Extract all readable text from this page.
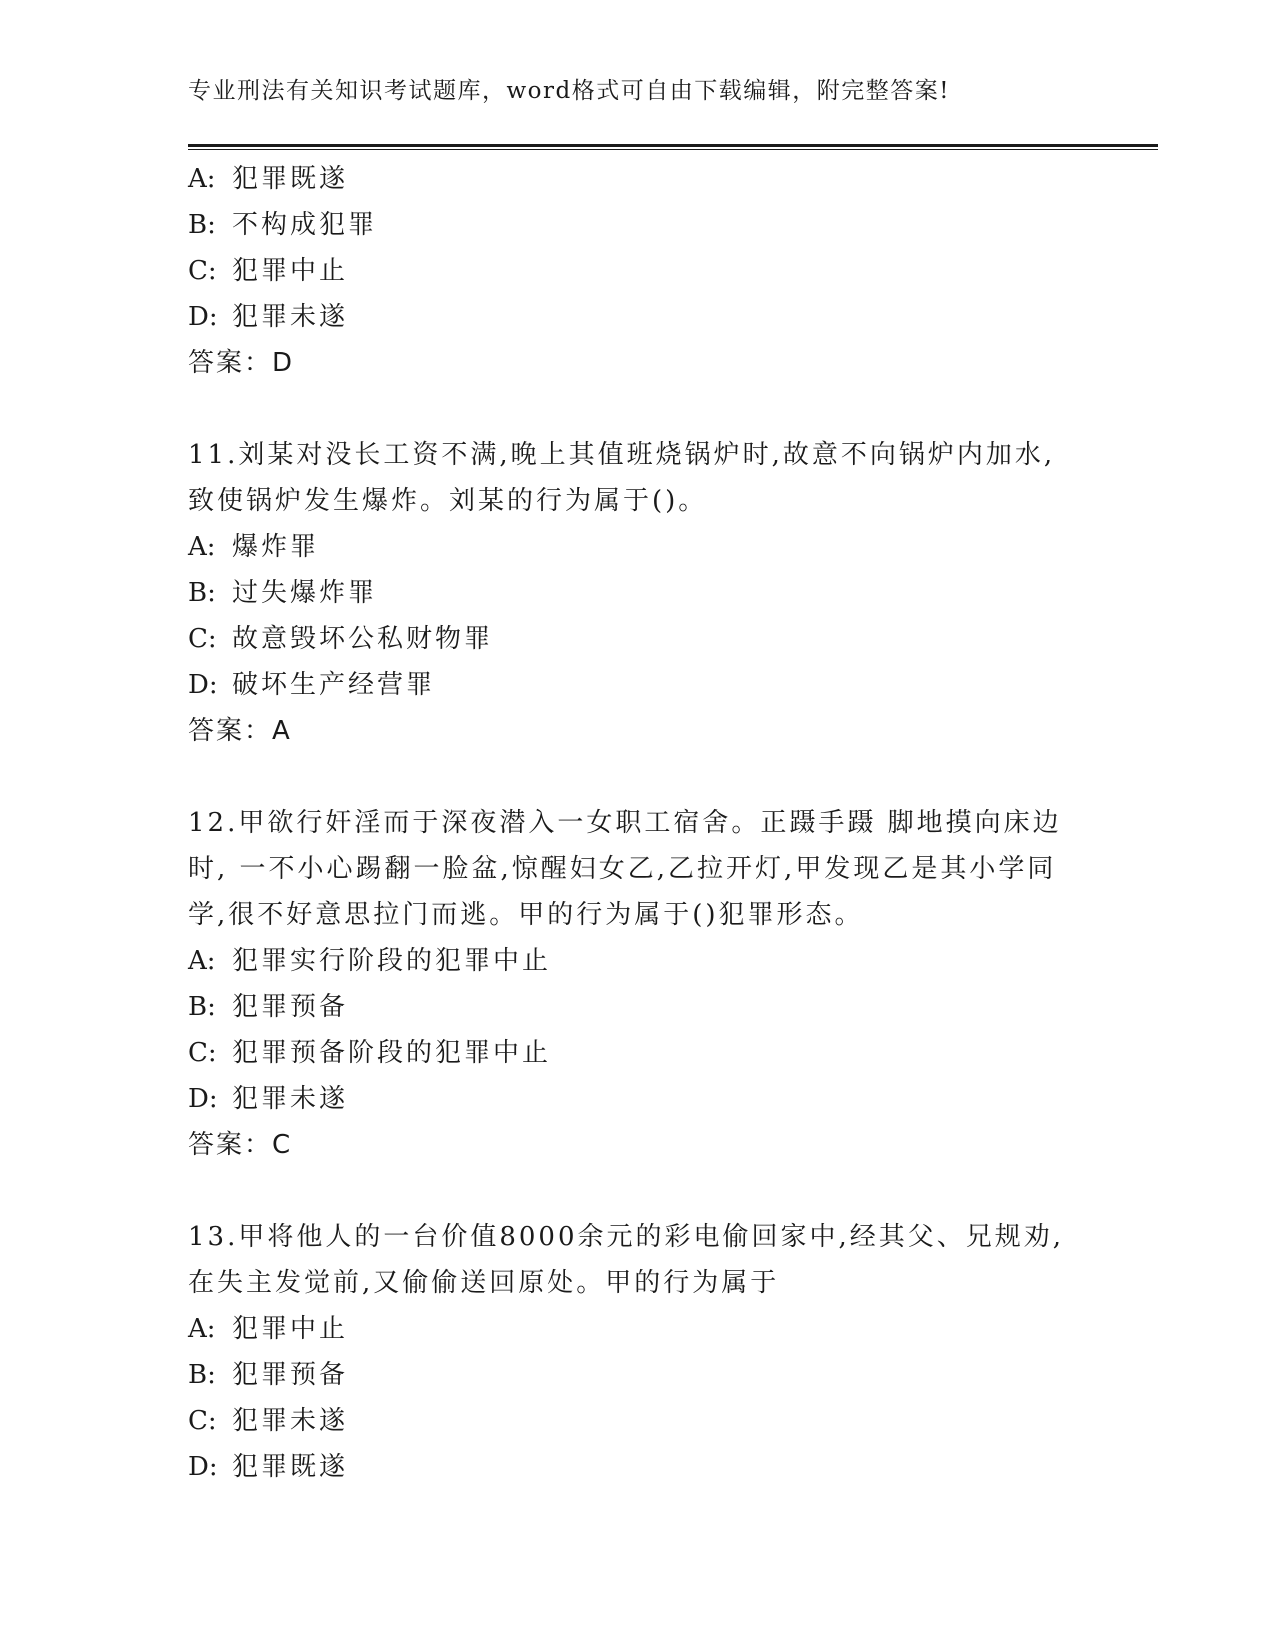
专业刑法有关知识考试题库，word格式可自由下载编辑，附完整答案!
A: 犯罪既遂
B: 不构成犯罪
C: 犯罪中止
D: 犯罪未遂
答案：D
11.刘某对没长工资不满,晚上其值班烧锅炉时,故意不向锅炉内加水,
致使锅炉发生爆炸。刘某的行为属于()。
A: 爆炸罪
B: 过失爆炸罪
C: 故意毁坏公私财物罪
D: 破坏生产经营罪
答案：A
12.甲欲行奸淫而于深夜潜入一女职工宿舍。正蹑手蹑 脚地摸向床边
时, 一不小心踢翻一脸盆,惊醒妇女乙,乙拉开灯,甲发现乙是其小学同
学,很不好意思拉门而逃。甲的行为属于()犯罪形态。
A: 犯罪实行阶段的犯罪中止
B: 犯罪预备
C: 犯罪预备阶段的犯罪中止
D: 犯罪未遂
答案：C
13.甲将他人的一台价值8000余元的彩电偷回家中,经其父、兄规劝,
在失主发觉前,又偷偷送回原处。甲的行为属于
A: 犯罪中止
B: 犯罪预备
C: 犯罪未遂
D: 犯罪既遂
